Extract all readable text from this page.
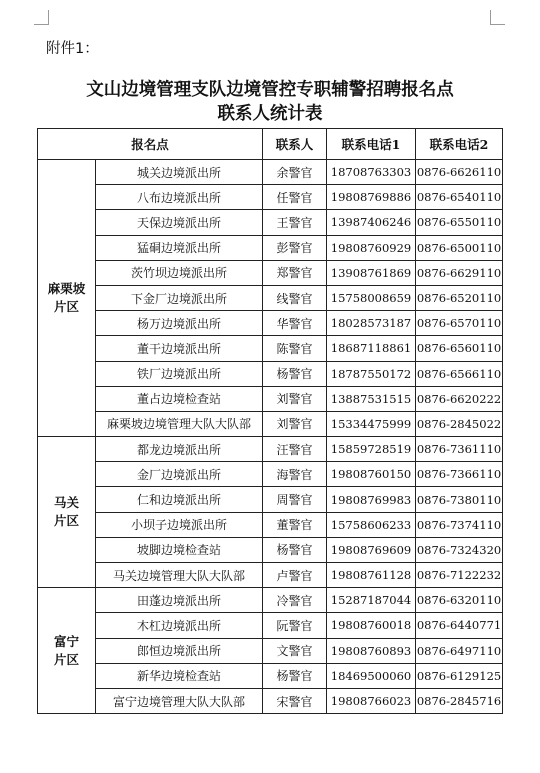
附件1：
文山边境管理支队边境管控专职辅警招聘报名点
联系人统计表
报名点		联系人	联系电话1	联系电话2
麻栗坡
片区	城关边境派出所	余警官	18708763303	0876-6626110
	八布边境派出所	任警官	19808769886	0876-6540110
	天保边境派出所	王警官	13987406246	0876-6550110
	猛硐边境派出所	彭警官	19808760929	0876-6500110
	茨竹坝边境派出所	郑警官	13908761869	0876-6629110
	下金厂边境派出所	线警官	15758008659	0876-6520110
	杨万边境派出所	华警官	18028573187	0876-6570110
	董干边境派出所	陈警官	18687118861	0876-6560110
	铁厂边境派出所	杨警官	18787550172	0876-6566110
	董占边境检查站	刘警官	13887531515	0876-6620222
	麻栗坡边境管理大队大队部	刘警官	15334475999	0876-2845022
马关
片区	都龙边境派出所	汪警官	15859728519	0876-7361110
	金厂边境派出所	海警官	19808760150	0876-7366110
	仁和边境派出所	周警官	19808769983	0876-7380110
	小坝子边境派出所	董警官	15758606233	0876-7374110
	坡脚边境检查站	杨警官	19808769609	0876-7324320
	马关边境管理大队大队部	卢警官	19808761128	0876-7122232
富宁
片区	田蓬边境派出所	冷警官	15287187044	0876-6320110
	木杠边境派出所	阮警官	19808760018	0876-6440771
	郎恒边境派出所	文警官	19808760893	0876-6497110
	新华边境检查站	杨警官	18469500060	0876-6129125
	富宁边境管理大队大队部	宋警官	19808766023	0876-2845716
